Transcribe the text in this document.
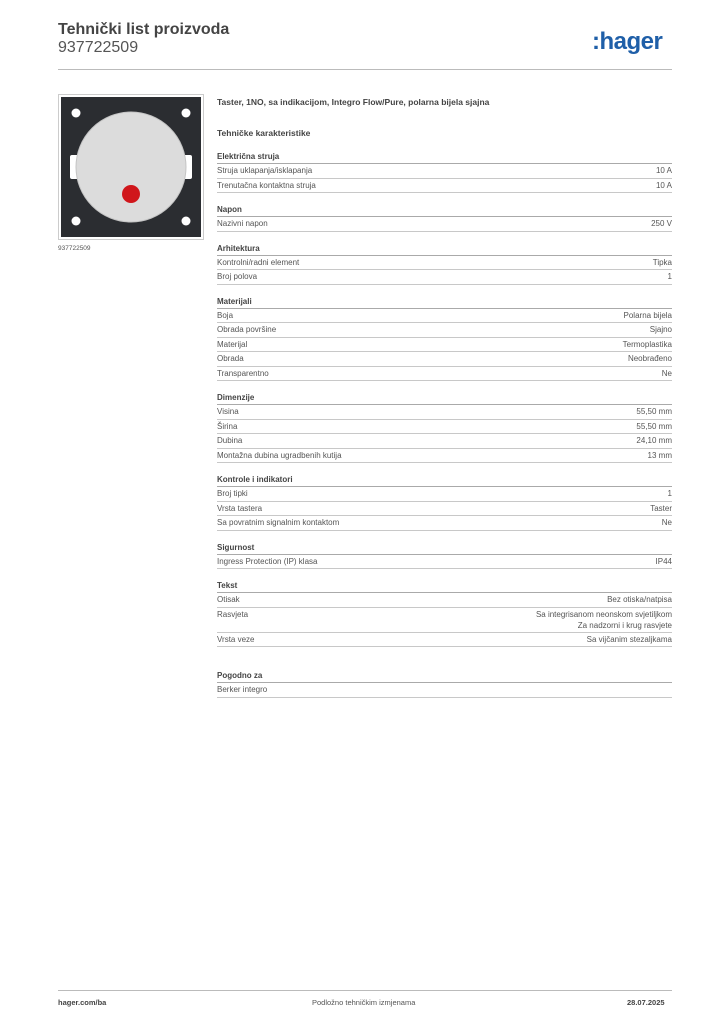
Tehnički list proizvoda
937722509	:hager
937722509
Taster, 1NO, sa indikacijom, Integro Flow/Pure, polarna bijela sjajna
Tehničke karakteristike
Električna struja
Struja uklapanja/isklapanja	10 A
Trenutačna kontaktna struja	10 A
Napon
Nazivni napon	250 V
Arhitektura
Kontrolni/radni element	Tipka
Broj polova	1
Materijali
Boja	Polarna bijela
Obrada površine	Sjajno
Materijal	Termoplastika
Obrada	Neobrađeno
Transparentno	Ne
Dimenzije
Visina	55,50 mm
Širina	55,50 mm
Dubina	24,10 mm
Montažna dubina ugradbenih kutija	13 mm
Kontrole i indikatori
Broj tipki	1
Vrsta tastera	Taster
Sa povratnim signalnim kontaktom	Ne
Sigurnost
Ingress Protection (IP) klasa	IP44
Tekst
Otisak	Bez otiska/natpisa
Rasvjeta	Sa integrisanom neonskom svjetiljkom
Za nadzorni i krug rasvjete
Vrsta veze	Sa vijčanim stezaljkama
Pogodno za
Berker integro
hager.com/ba	Podložno tehničkim izmjenama	28.07.2025
